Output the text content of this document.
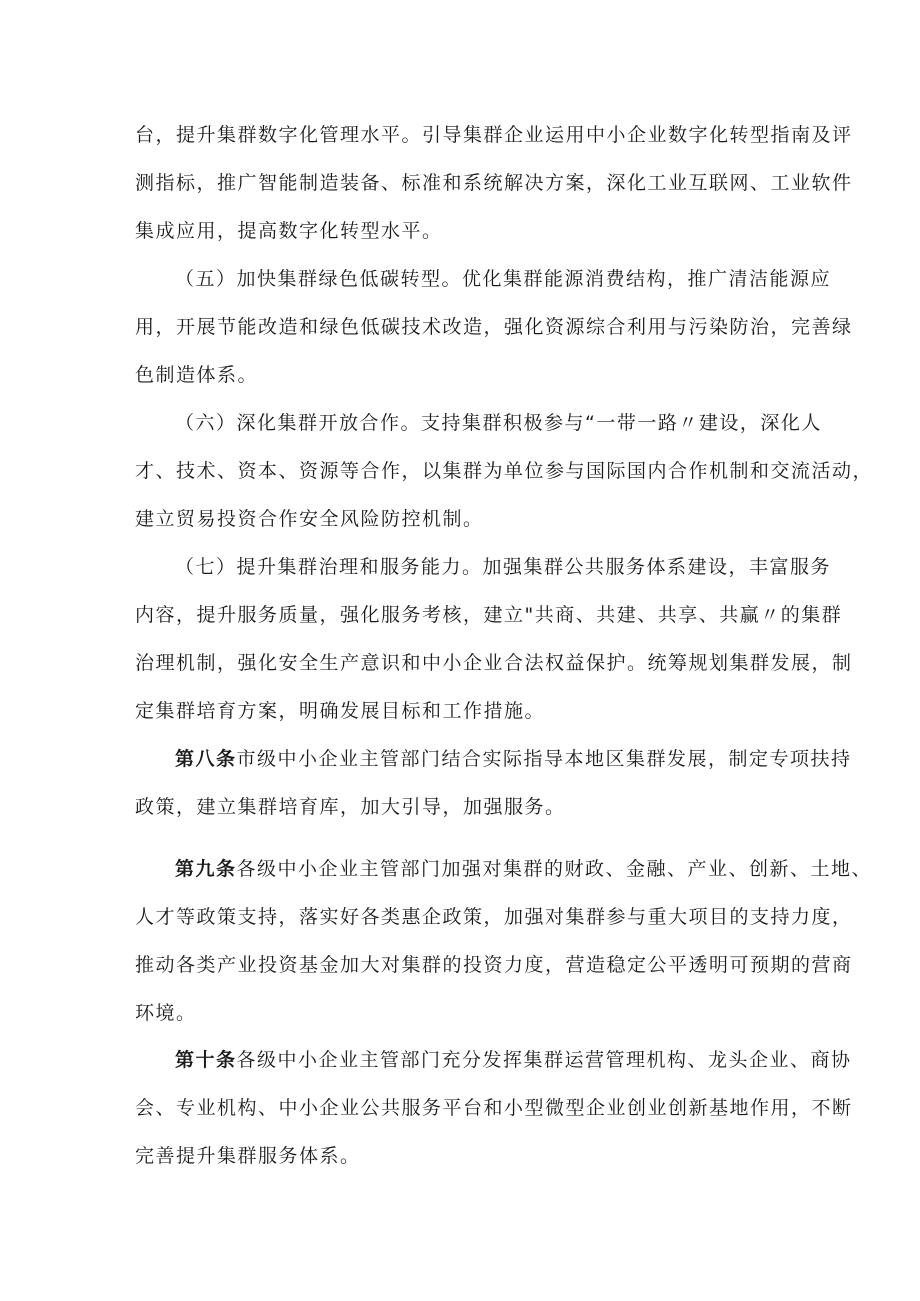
台，提升集群数字化管理水平。引导集群企业运用中小企业数字化转型指南及评
测指标，推广智能制造装备、标准和系统解决方案，深化工业互联网、工业软件
集成应用，提高数字化转型水平。

（五）加快集群绿色低碳转型。优化集群能源消费结构，推广清洁能源应
用，开展节能改造和绿色低碳技术改造，强化资源综合利用与污染防治，完善绿
色制造体系。

（六）深化集群开放合作。支持集群积极参与“一带一路〃建设，深化人
才、技术、资本、资源等合作，以集群为单位参与国际国内合作机制和交流活动，
建立贸易投资合作安全风险防控机制。

（七）提升集群治理和服务能力。加强集群公共服务体系建设，丰富服务
内容，提升服务质量，强化服务考核，建立"共商、共建、共享、共赢〃的集群
治理机制，强化安全生产意识和中小企业合法权益保护。统筹规划集群发展，制
定集群培育方案，明确发展目标和工作措施。

第八条市级中小企业主管部门结合实际指导本地区集群发展，制定专项扶持
政策，建立集群培育库，加大引导，加强服务。

第九条各级中小企业主管部门加强对集群的财政、金融、产业、创新、土地、
人才等政策支持，落实好各类惠企政策，加强对集群参与重大项目的支持力度，
推动各类产业投资基金加大对集群的投资力度，营造稳定公平透明可预期的营商
环境。

第十条各级中小企业主管部门充分发挥集群运营管理机构、龙头企业、商协
会、专业机构、中小企业公共服务平台和小型微型企业创业创新基地作用，不断
完善提升集群服务体系。
